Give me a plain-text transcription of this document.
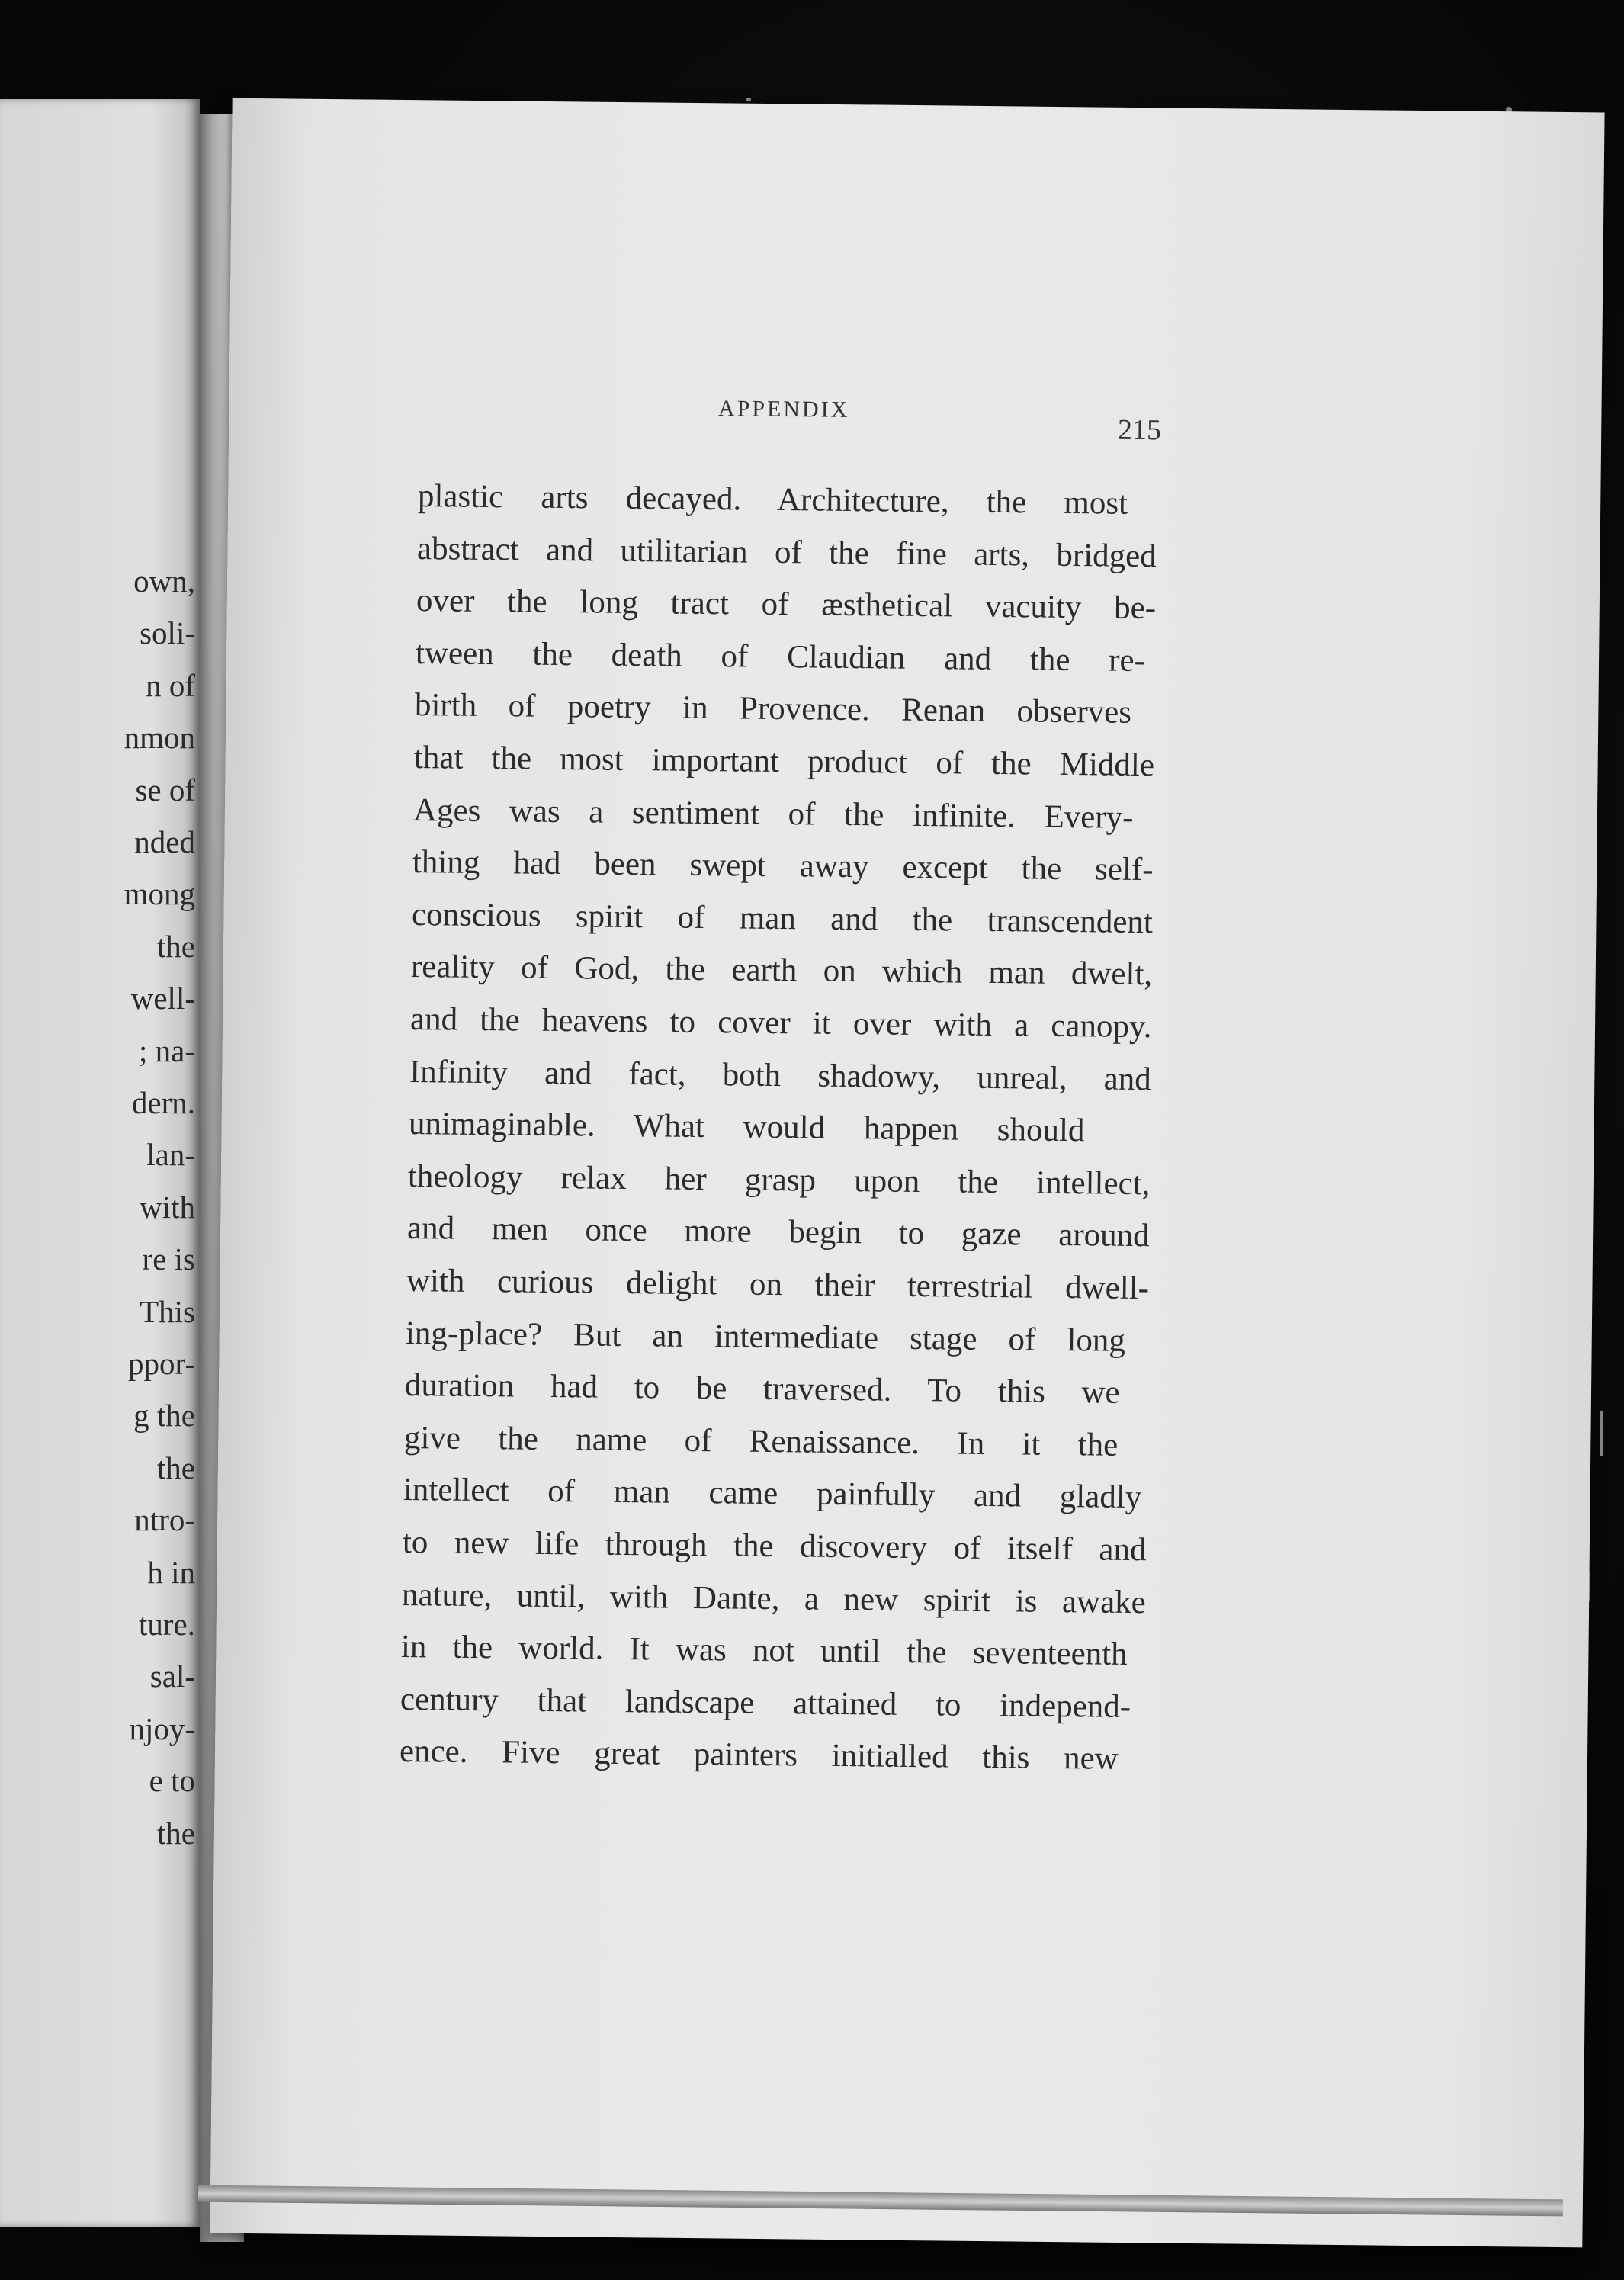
own,
soli-
n of
nmon
se of
nded
mong
the
well-
; na-
dern.
lan-
with
re is
This
ppor-
g the
the
ntro-
h in
ture.
sal-
njoy-
e to
the
APPENDIX
215
plastic arts decayed. Architecture, the most
abstract and utilitarian of the fine arts, bridged
over the long tract of æsthetical vacuity be-
tween the death of Claudian and the re-
birth of poetry in Provence. Renan observes
that the most important product of the Middle
Ages was a sentiment of the infinite. Every-
thing had been swept away except the self-
conscious spirit of man and the transcendent
reality of God, the earth on which man dwelt,
and the heavens to cover it over with a canopy.
Infinity and fact, both shadowy, unreal, and
unimaginable. What would happen should
theology relax her grasp upon the intellect,
and men once more begin to gaze around
with curious delight on their terrestrial dwell-
ing-place? But an intermediate stage of long
duration had to be traversed. To this we
give the name of Renaissance. In it the
intellect of man came painfully and gladly
to new life through the discovery of itself and
nature, until, with Dante, a new spirit is awake
in the world. It was not until the seventeenth
century that landscape attained to independ-
ence. Five great painters initialled this new
